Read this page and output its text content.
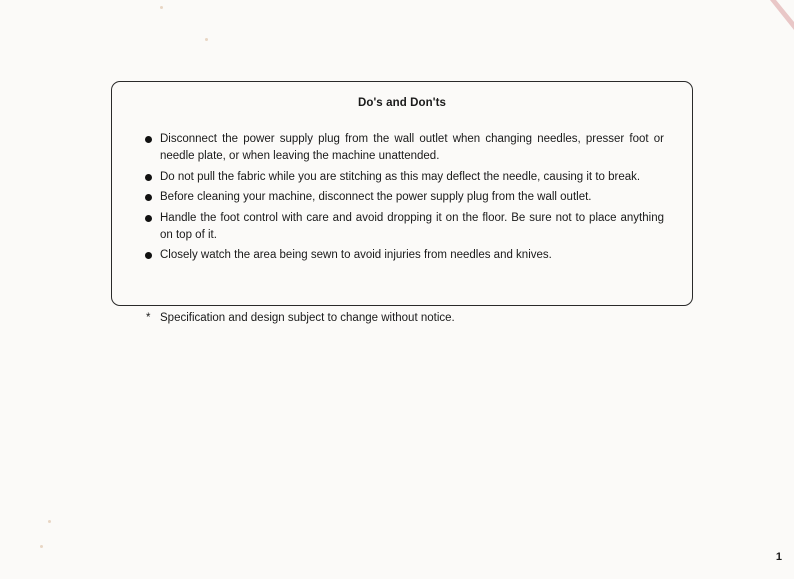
Do's and Don'ts
Disconnect the power supply plug from the wall outlet when changing needles, presser foot or needle plate, or when leaving the machine unattended.
Do not pull the fabric while you are stitching as this may deflect the needle, causing it to break.
Before cleaning your machine, disconnect the power supply plug from the wall outlet.
Handle the foot control with care and avoid dropping it on the floor. Be sure not to place anything on top of it.
Closely watch the area being sewn to avoid injuries from needles and knives.
* Specification and design subject to change without notice.
1
